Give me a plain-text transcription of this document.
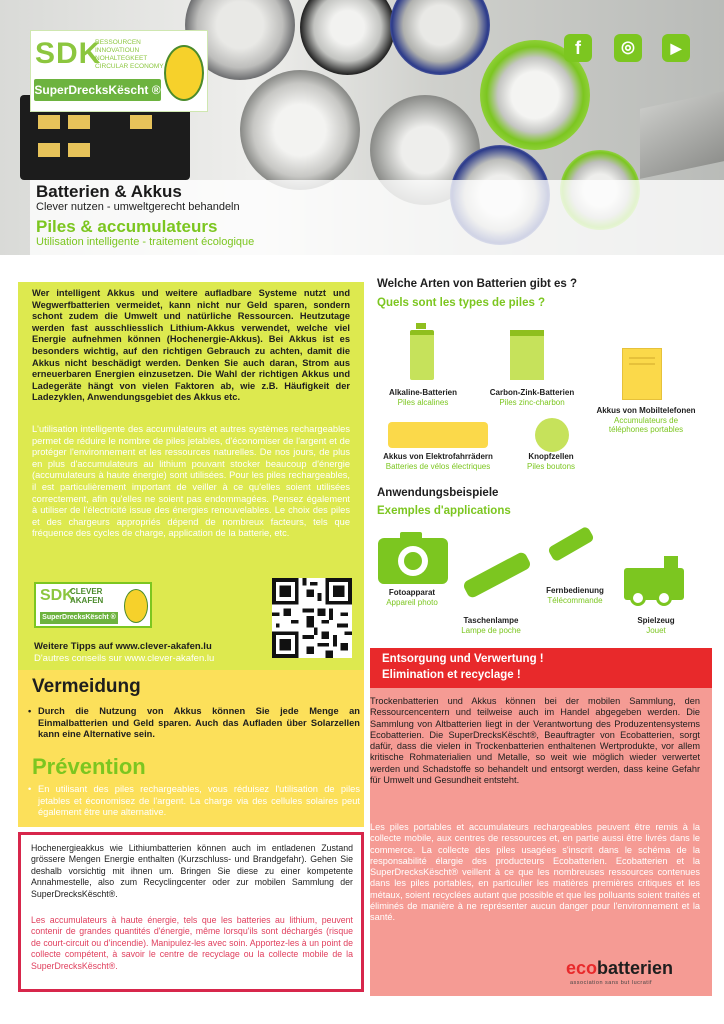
SDK
RESSOURCEN
INNOVATIOUN
NOHALTEGKEET
CIRCULAR ECONOMY
SuperDrecksKëscht ®
f	◎	▶
Batterien & Akkus
Clever nutzen - umweltgerecht behandeln
Piles & accumulateurs
Utilisation intelligente - traitement écologique
Wer intelligent Akkus und weitere aufladbare Systeme nutzt und Wegwerfbatterien vermeidet, kann nicht nur Geld sparen, sondern schont zudem die Umwelt und natürliche Ressourcen. Heutzutage werden fast ausschliesslich Lithium-Akkus verwendet, welche viel Energie aufnehmen können (Hochenergie-Akkus). Bei Akkus ist es besonders wichtig, auf den richtigen Gebrauch zu achten, damit die Akkus nicht beschädigt werden. Denken Sie auch daran, Strom aus erneuerbaren Energien einzusetzen. Die Wahl der richtigen Akkus und Ladegeräte hängt von vielen Faktoren ab, wie z.B. Häufigkeit der Ladezyklen, Anwendungsgebiet des Akkus etc.
L'utilisation intelligente des accumulateurs et autres systèmes rechargeables permet de réduire le nombre de piles jetables, d'économiser de l'argent et de protéger l'environnement et les ressources naturelles. De nos jours, de plus en plus d'accumulateurs au lithium pouvant stocker beaucoup d'énergie (accumulateurs à haute énergie) sont utilisées. Pour les piles rechargeables, il est particulièrement important de veiller à ce qu'elles soient utilisées correctement, afin qu'elles ne soient pas endommagées. Pensez également à utiliser de l'électricité issue des énergies renouvelables. Le choix des piles et des chargeurs appropriés dépend de nombreux facteurs, tels que fréquence des cycles de charge, application de la batterie, etc.
SDK
CLEVER AKAFEN
SuperDrecksKëscht ®
Weitere Tipps auf www.clever-akafen.lu
D'autres conseils sur www.clever-akafen.lu
Vermeidung
• Durch die Nutzung von Akkus können Sie jede Menge an Einmalbatterien und Geld sparen. Auch das Aufladen über Solarzellen kann eine Alternative sein.
Prévention
• En utilisant des piles rechargeables, vous réduisez l'utilisation de piles jetables et économisez de l'argent. La charge via des cellules solaires peut également être une alternative.
Hochenergieakkus wie Lithiumbatterien können auch im entladenen Zustand grössere Mengen Energie enthalten (Kurzschluss- und Brandgefahr). Gehen Sie deshalb vorsichtig mit ihnen um. Bringen Sie diese zu einer kompetente Annahmestelle, also zum Recyclingcenter oder zur mobilen Sammlung der SuperDrecksKëscht®.
Les accumulateurs à haute énergie, tels que les batteries au lithium, peuvent contenir de grandes quantités d'énergie, même lorsqu'ils sont déchargés (risque de court-circuit ou d'incendie). Manipulez-les avec soin. Apportez-les à un point de collecte compétent, à savoir le centre de recyclage ou la collecte mobile de la SuperDrecksKëscht®.
Welche Arten von Batterien gibt es ?
Quels sont les types de piles ?
Alkaline-Batterien
Piles alcalines
Carbon-Zink-Batterien
Piles zinc-charbon
Akkus von Mobiltelefonen
Accumulateurs de téléphones portables
Akkus von Elektrofahrrädern
Batteries de vélos électriques
Knopfzellen
Piles boutons
Anwendungsbeispiele
Exemples d'applications
Fotoapparat
Appareil photo
Taschenlampe
Lampe de poche
Fernbedienung
Télécommande
Spielzeug
Jouet
Entsorgung und Verwertung !
Elimination et recyclage !
Trockenbatterien und Akkus können bei der mobilen Sammlung, den Ressourcencentern und teilweise auch im Handel abgegeben werden. Die Sammlung von Altbatterien liegt in der Verantwortung des Produzentensystems Ecobatterien. Die SuperDrecksKëscht®, Beauftragter von Ecobatterien, sorgt dafür, dass die vielen in Trockenbatterien enthaltenen Wertprodukte, vor allem kritische Rohmaterialien und Metalle, so weit wie möglich wieder verwertet werden und Schadstoffe so behandelt und entsorgt werden, dass keine Gefahr für Umwelt und Gesundheit entsteht.
Les piles portables et accumulateurs rechargeables peuvent être remis à la collecte mobile, aux centres de ressources et, en partie aussi être livrés dans le commerce. La collecte des piles usagées s'inscrit dans le schéma de la responsabilité élargie des producteurs Ecobatterien. Ecobatterien et la SuperDrecksKëscht® veillent à ce que les nombreuses ressources contenues dans les piles portables, en particulier les matières premières critiques et les métaux, soient recyclées autant que possible et que les polluants soient traités et éliminés de manière à ne représenter aucun danger pour l'environnement et la santé.
ecobatterien
association sans but lucratif
